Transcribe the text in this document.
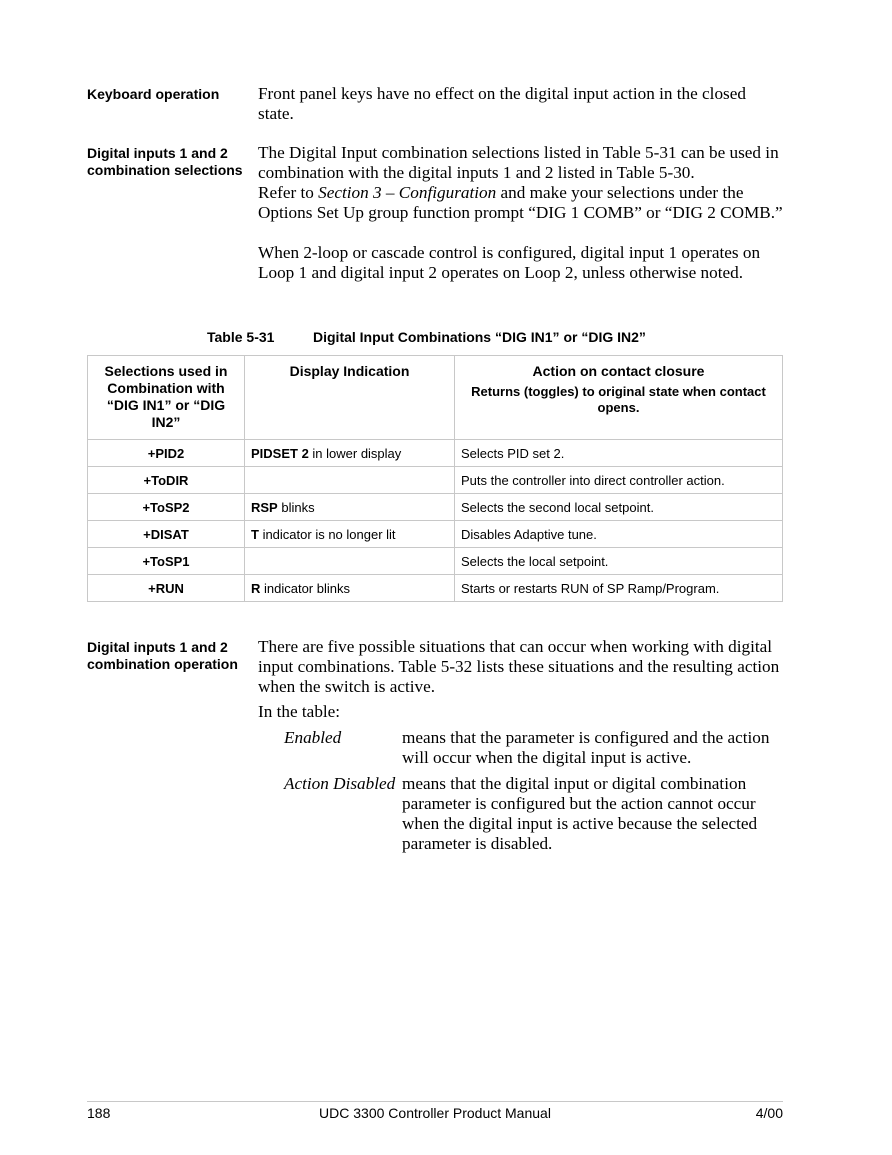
Keyboard operation	Front panel keys have no effect on the digital input action in the closed state.

Digital inputs 1 and 2 combination selections

The Digital Input combination selections listed in Table 5-31 can be used in combination with the digital inputs 1 and 2 listed in Table 5-30.

Refer to Section 3 – Configuration and make your selections under the Options Set Up group function prompt “DIG 1 COMB” or “DIG 2 COMB.”

When 2-loop or cascade control is configured, digital input 1 operates on Loop 1 and digital input 2 operates on Loop 2, unless otherwise noted.

Table 5-31	Digital Input Combinations “DIG IN1” or “DIG IN2”
Selections used in Combination with “DIG IN1” or “DIG IN2”	Display Indication	Action on contact closure
Returns (toggles) to original state when contact opens.

+PID2	PIDSET 2 in lower display	Selects PID set 2.
+ToDIR		Puts the controller into direct controller action.
+ToSP2	RSP blinks	Selects the second local setpoint.
+DISAT	T indicator is no longer lit	Disables Adaptive tune.
+ToSP1		Selects the local setpoint.
+RUN	R indicator blinks	Starts or restarts RUN of SP Ramp/Program.
Digital inputs 1 and 2 combination operation

There are five possible situations that can occur when working with digital input combinations. Table 5-32 lists these situations and the resulting action when the switch is active.

In the table:

Enabled	means that the parameter is configured and the action will occur when the digital input is active.
Action Disabled means that the digital input or digital combination parameter is configured but the action cannot occur when the digital input is active because the selected parameter is disabled.
188	UDC 3300 Controller Product Manual	4/00
